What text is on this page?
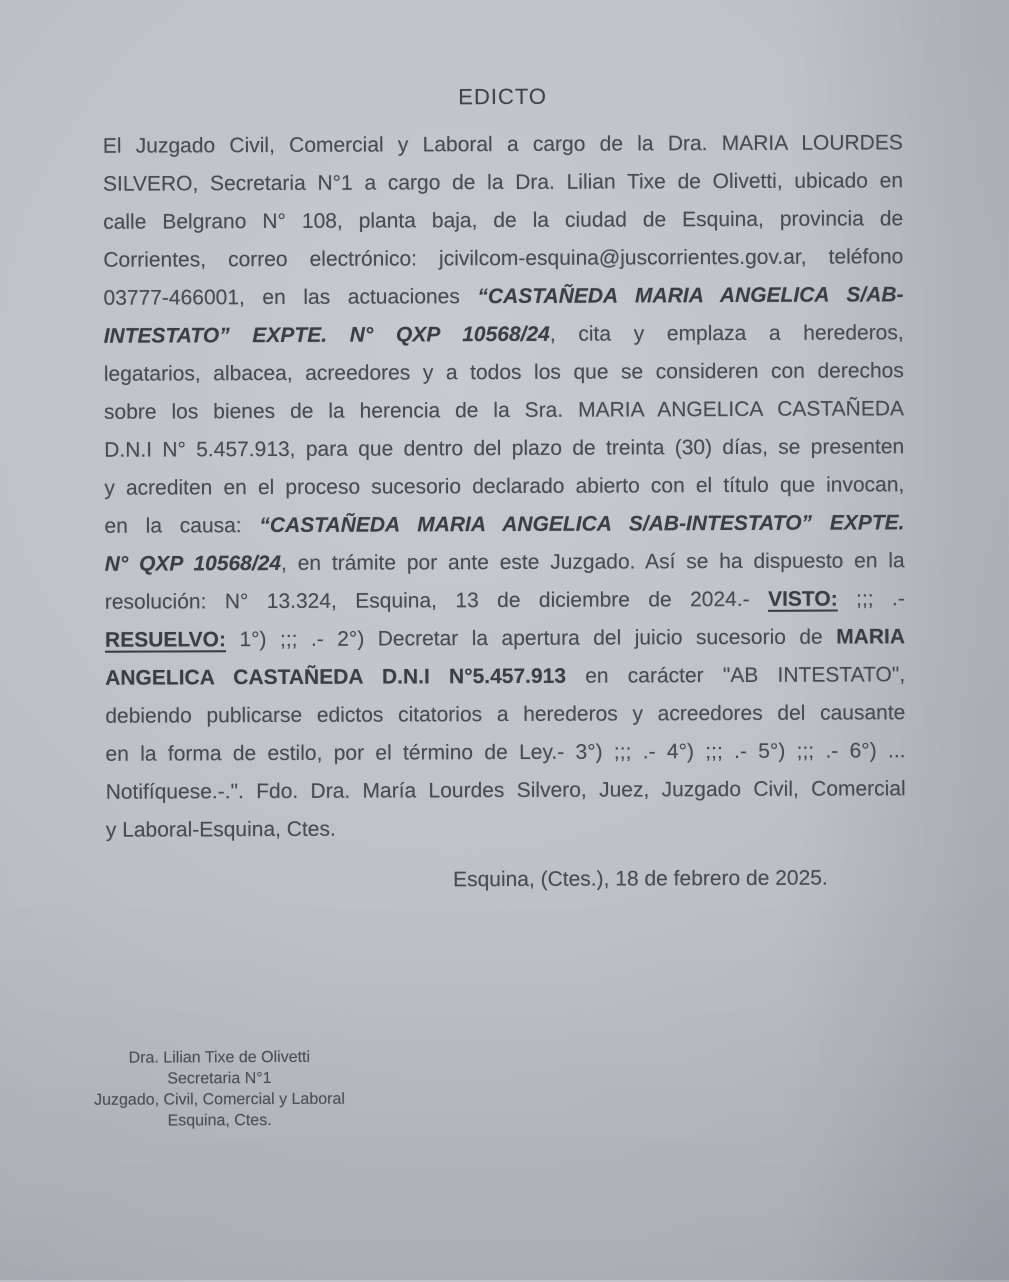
EDICTO
El Juzgado Civil, Comercial y Laboral a cargo de la Dra. MARIA LOURDES
SILVERO, Secretaria N°1 a cargo de la Dra. Lilian Tixe de Olivetti, ubicado en
calle Belgrano N° 108, planta baja, de la ciudad de Esquina, provincia de
Corrientes, correo electrónico: jcivilcom-esquina@juscorrientes.gov.ar, teléfono
03777-466001, en las actuaciones “CASTAÑEDA MARIA ANGELICA S/AB-
INTESTATO” EXPTE. N° QXP 10568/24, cita y emplaza a herederos,
legatarios, albacea, acreedores y a todos los que se consideren con derechos
sobre los bienes de la herencia de la Sra. MARIA ANGELICA CASTAÑEDA
D.N.I N° 5.457.913, para que dentro del plazo de treinta (30) días, se presenten
y acrediten en el proceso sucesorio declarado abierto con el título que invocan,
en la causa: “CASTAÑEDA MARIA ANGELICA S/AB-INTESTATO” EXPTE.
N° QXP 10568/24, en trámite por ante este Juzgado. Así se ha dispuesto en la
resolución: N° 13.324, Esquina, 13 de diciembre de 2024.- VISTO: ;;; .-
RESUELVO: 1°) ;;; .- 2°) Decretar la apertura del juicio sucesorio de MARIA
ANGELICA CASTAÑEDA D.N.I N°5.457.913 en carácter "AB INTESTATO",
debiendo publicarse edictos citatorios a herederos y acreedores del causante
en la forma de estilo, por el término de Ley.- 3°) ;;; .- 4°) ;;; .- 5°) ;;; .- 6°) ...
Notifíquese.-.". Fdo. Dra. María Lourdes Silvero, Juez, Juzgado Civil, Comercial
y Laboral-Esquina, Ctes.
Esquina, (Ctes.), 18 de febrero de 2025.
Dra. Lilian Tixe de Olivetti
Secretaria N°1
Juzgado, Civil, Comercial y Laboral
Esquina, Ctes.
